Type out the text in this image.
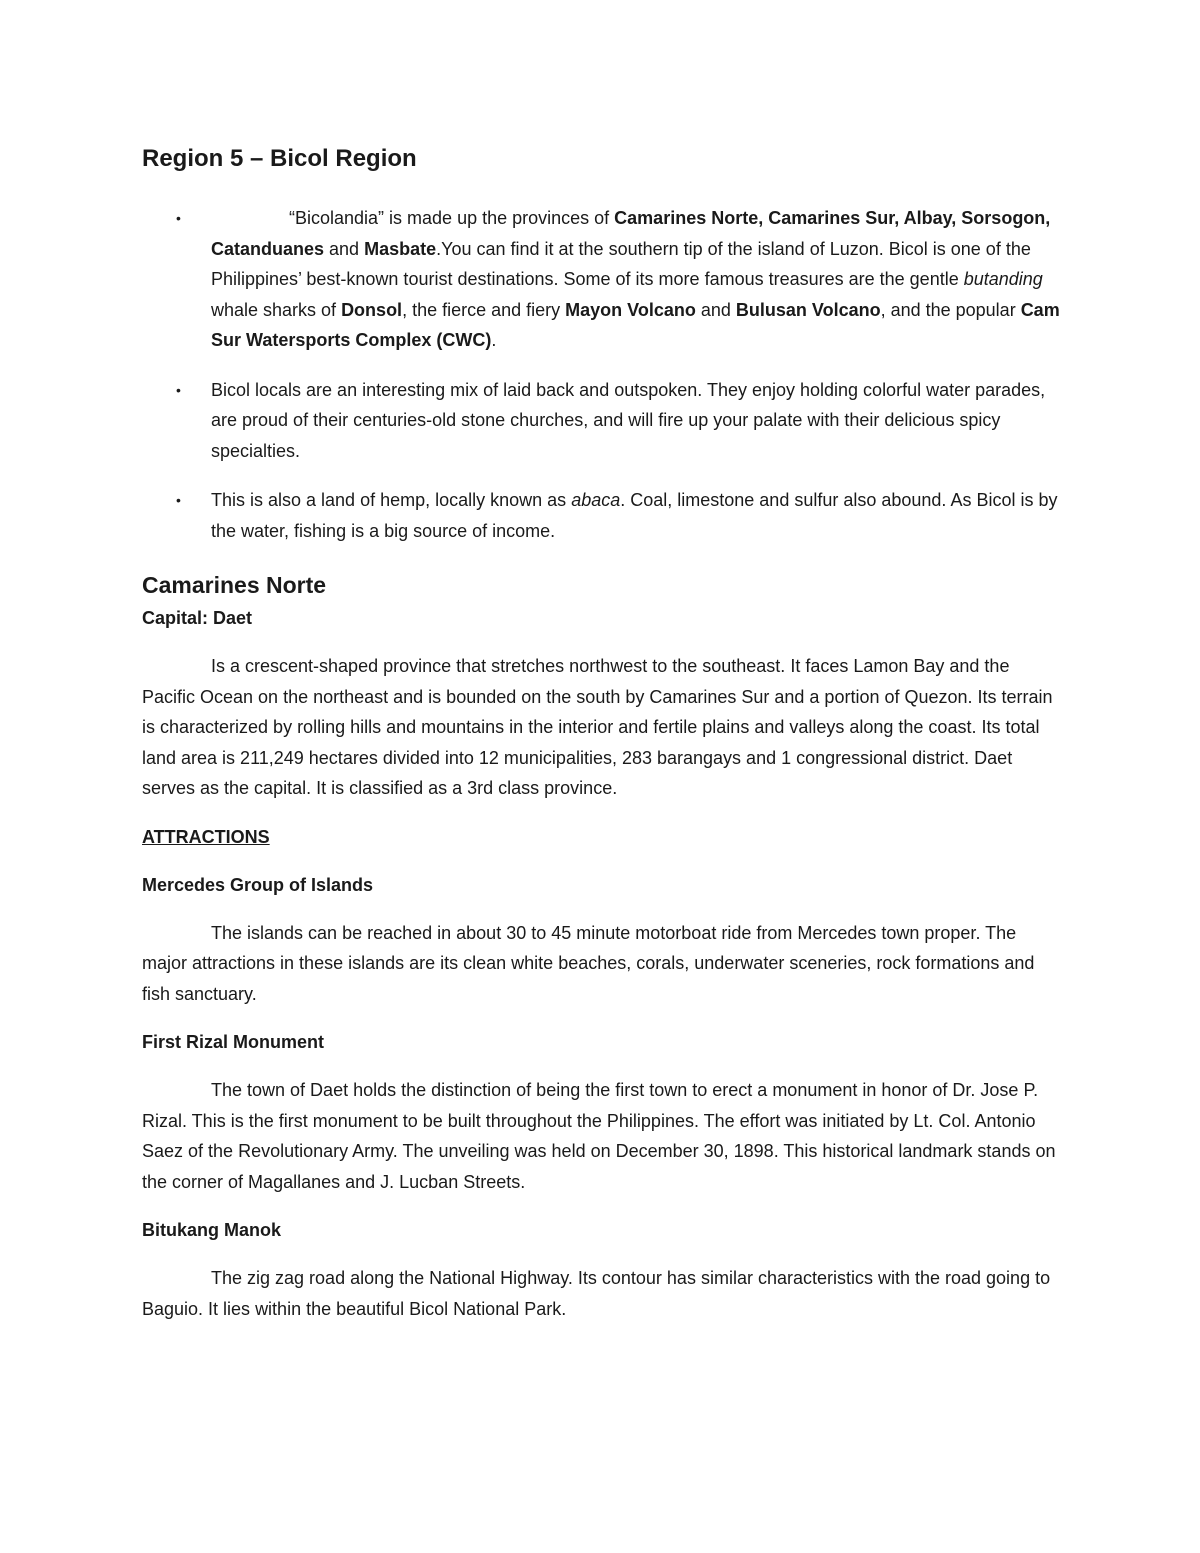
Region 5 – Bicol Region
•	“Bicolandia” is made up the provinces of Camarines Norte, Camarines Sur, Albay, Sorsogon, Catanduanes and Masbate.You can find it at the southern tip of the island of Luzon. Bicol is one of the Philippines’ best-known tourist destinations. Some of its more famous treasures are the gentle butanding whale sharks of Donsol, the fierce and fiery Mayon Volcano and Bulusan Volcano, and the popular Cam Sur Watersports Complex (CWC).
• Bicol locals are an interesting mix of laid back and outspoken. They enjoy holding colorful water parades, are proud of their centuries-old stone churches, and will fire up your palate with their delicious spicy specialties.
• This is also a land of hemp, locally known as abaca. Coal, limestone and sulfur also abound. As Bicol is by the water, fishing is a big source of income.
Camarines Norte
Capital: Daet

Is a crescent-shaped province that stretches northwest to the southeast. It faces Lamon Bay and the Pacific Ocean on the northeast and is bounded on the south by Camarines Sur and a portion of Quezon. Its terrain is characterized by rolling hills and mountains in the interior and fertile plains and valleys along the coast. Its total land area is 211,249 hectares divided into 12 municipalities, 283 barangays and 1 congressional district. Daet serves as the capital. It is classified as a 3rd class province.

ATTRACTIONS
Mercedes Group of Islands

The islands can be reached in about 30 to 45 minute motorboat ride from Mercedes town proper. The major attractions in these islands are its clean white beaches, corals, underwater sceneries, rock formations and fish sanctuary.

First Rizal Monument

The town of Daet holds the distinction of being the first town to erect a monument in honor of Dr. Jose P. Rizal. This is the first monument to be built throughout the Philippines. The effort was initiated by Lt. Col. Antonio Saez of the Revolutionary Army. The unveiling was held on December 30, 1898. This historical landmark stands on the corner of Magallanes and J. Lucban Streets.

Bitukang Manok

The zig zag road along the National Highway. Its contour has similar characteristics with the road going to Baguio. It lies within the beautiful Bicol National Park.
